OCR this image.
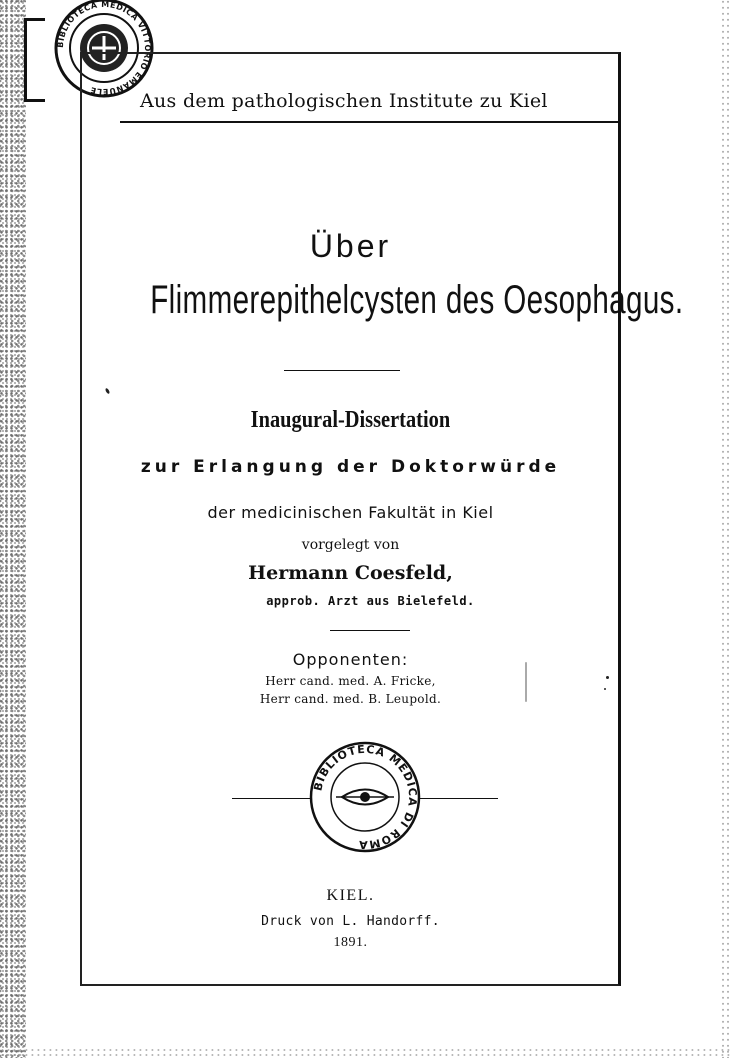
BIBLIOTECA MEDICA VITTORIO EMANUELE	Aus dem pathologischen Institute zu Kiel
Über
Flimmerepithelcysten des Oesophagus.
Inaugural-Dissertation
zur Erlangung der Doktorwürde
der medicinischen Fakultät in Kiel
vorgelegt von
Hermann Coesfeld,
approb. Arzt aus Bielefeld.
Opponenten:
Herr cand. med. A. Fricke,
Herr cand. med. B. Leupold.
BIBLIOTECA MEDICA DI ROMA
KIEL.
Druck von L. Handorff.
1891.
